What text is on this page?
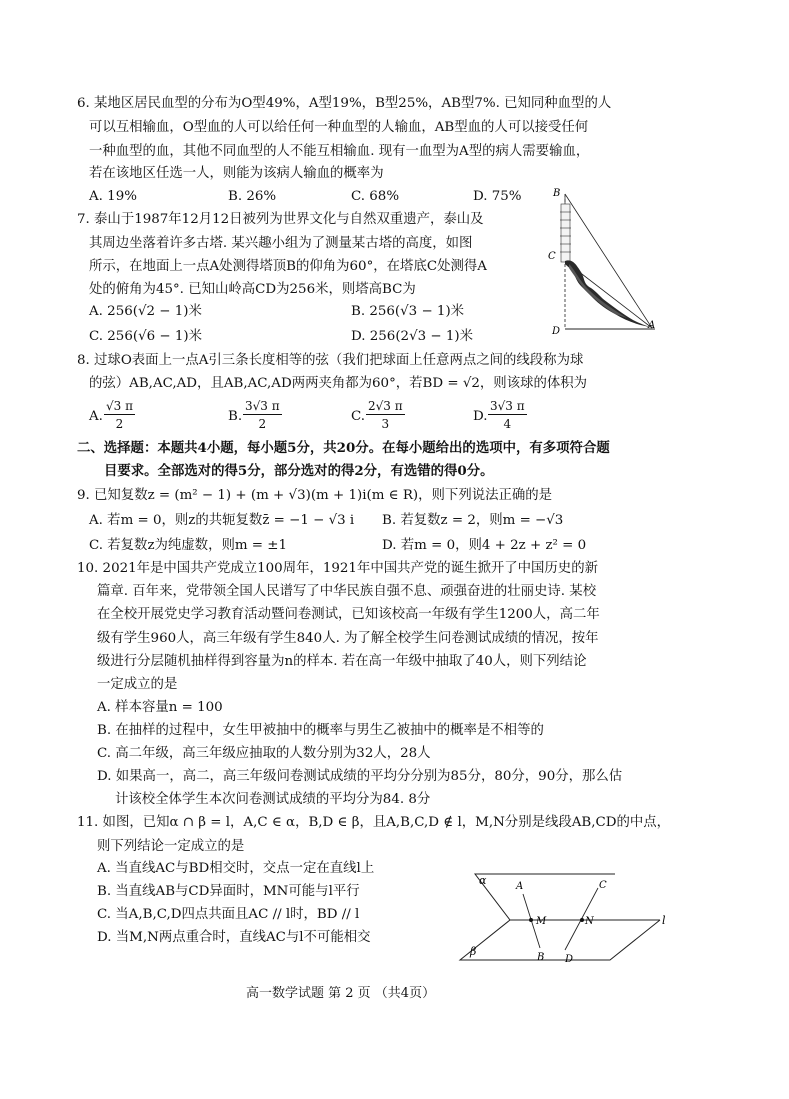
6. 某地区居民血型的分布为O型49%，A型19%，B型25%，AB型7%. 已知同种血型的人
可以互相输血，O型血的人可以给任何一种血型的人输血，AB型血的人可以接受任何
一种血型的血，其他不同血型的人不能互相输血. 现有一血型为A型的病人需要输血，
若在该地区任选一人，则能为该病人输血的概率为
A. 19%	B. 26%	C. 68%	D. 75%
7. 泰山于1987年12月12日被列为世界文化与自然双重遗产，泰山及
其周边坐落着许多古塔. 某兴趣小组为了测量某古塔的高度，如图
所示，在地面上一点A处测得塔顶B的仰角为60°，在塔底C处测得A
处的俯角为45°. 已知山岭高CD为256米，则塔高BC为
A. 256(√2 − 1)米	B. 256(√3 − 1)米
C. 256(√6 − 1)米	D. 256(2√3 − 1)米
B
C
D
A
8. 过球O表面上一点A引三条长度相等的弦（我们把球面上任意两点之间的线段称为球
的弦）AB,AC,AD，且AB,AC,AD两两夹角都为60°，若BD = √2，则该球的体积为
A. $\frac{√3 \pi}{2}$	B. $\frac{3√3 \pi}{2}$	C. $\frac{2√3 \pi}{3}$	D. $\frac{3√3 \pi}{4}$
二、选择题：本题共4小题，每小题5分，共20分。在每小题给出的选项中，有多项符合题
目要求。全部选对的得5分，部分选对的得2分，有选错的得0分。
9. 已知复数z = (m² − 1) + (m + √3)(m + 1)i(m ∈ R)，则下列说法正确的是
A. 若m = 0，则z的共轭复数z̄ = −1 − √3 i B. 若复数z = 2，则m = −√3
C. 若复数z为纯虚数，则m = ±1	D. 若m = 0，则4 + 2z + z² = 0
10. 2021年是中国共产党成立100周年，1921年中国共产党的诞生掀开了中国历史的新
篇章. 百年来，党带领全国人民谱写了中华民族自强不息、顽强奋进的壮丽史诗. 某校
在全校开展党史学习教育活动暨问卷测试，已知该校高一年级有学生1200人，高二年
级有学生960人，高三年级有学生840人. 为了解全校学生问卷测试成绩的情况，按年
级进行分层随机抽样得到容量为n的样本. 若在高一年级中抽取了40人，则下列结论
一定成立的是
A. 样本容量n = 100
B. 在抽样的过程中，女生甲被抽中的概率与男生乙被抽中的概率是不相等的
C. 高二年级，高三年级应抽取的人数分别为32人，28人
D. 如果高一，高二，高三年级问卷测试成绩的平均分分别为85分，80分，90分，那么估
计该校全体学生本次问卷测试成绩的平均分为84. 8分
11. 如图，已知α ∩ β = l，A,C ∈ α，B,D ∈ β，且A,B,C,D ∉ l，M,N分别是线段AB,CD的中点，
则下列结论一定成立的是
A. 当直线AC与BD相交时，交点一定在直线l上
B. 当直线AB与CD异面时，MN可能与l平行
C. 当A,B,C,D四点共面且AC // l时，BD // l
D. 当M,N两点重合时，直线AC与l不可能相交
α
β
l
A
B
C
D
M	N
高一数学试题 第 2 页 （共4页）
